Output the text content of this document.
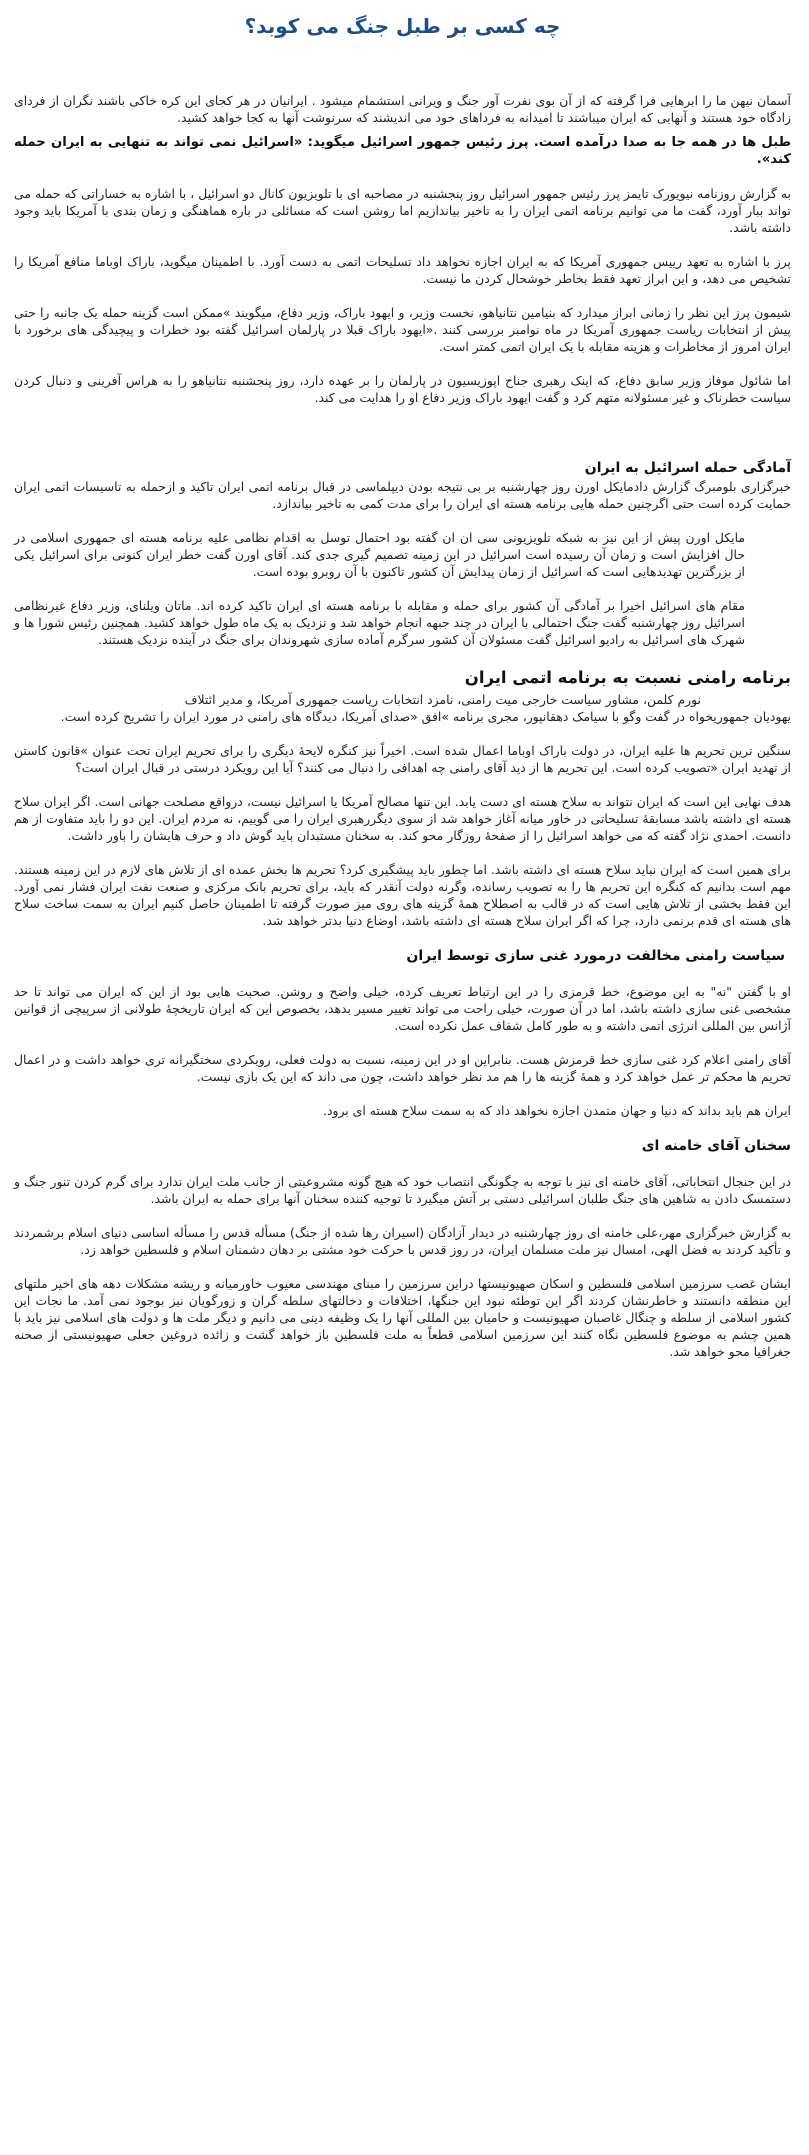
چه کسی بر طبل جنگ می کوبد؟

آسمان نیهن ما را ابرهایی فرا گرفته که از آن بوی نفرت آور جنگ و ویرانی استشمام میشود . ایرانیان در هر کجای این کره خاکی باشند نگران از فردای زادگاه خود هستند و آنهایی که ایران میباشند تا امیدانه به فرداهای خود می اندیشند که سرنوشت آنها به کجا خواهد کشید.

طبل ها در همه جا به صدا درآمده است. پرز رئیس جمهور اسرائیل میگوید: «اسرائیل نمی تواند به تنهایی به ایران حمله کند».

به گزارش روزنامه نیویورک تایمز پرز رئیس جمهور اسرائیل روز پنجشنبه در مصاحبه ای با تلویزیون کانال دو اسرائیل ، با اشاره به خساراتی که حمله می تواند ببار آورد، گفت ما می توانیم برنامه اتمی ایران را به تاخیر بیاندازیم اما روشن است که مسائلی در باره هماهنگی و زمان بندی با آمریکا باید وجود داشته باشد.

پرز با اشاره به تعهد رییس جمهوری آمریکا که به ایران اجازه نخواهد داد تسلیحات اتمی به دست آورد. با اطمینان میگوید، باراک اوباما منافع آمریکا را تشخیص می دهد، و این ابراز تعهد فقط بخاطر خوشحال کردن ما نیست.

شیمون پرز این نظر را زمانی ابراز میدارد که بنیامین نتانیاهو، نخست وزیر، و ایهود باراک، وزیر دفاع، میگویند »ممکن است گزینه حمله یک جانبه را حتی پیش از انتخابات ریاست جمهوری آمریکا در ماه نوامبر بررسی کنند .«ایهود باراک قبلا در پارلمان اسرائیل گفته بود خطرات و پیچیدگی های برخورد با ایران امروز از مخاطرات و هزینه مقابله با یک ایران اتمی کمتر است.

اما شائول موفاز وزیر سابق دفاع، که اینک رهبری جناح اپوزیسیون در پارلمان را بر عهده دارد، روز پنجشنبه نتانیاهو را به هراس آفرینی و دنبال کردن سیاست خطرناک و غیر مسئولانه متهم کرد و گفت ایهود باراک وزیر دفاع او را هدایت می کند.

آمادگی حمله اسرائیل به ایران

خبرگزاری بلومبرگ گزارش دادمایکل اورن روز چهارشنبه بر بی نتیجه بودن دیپلماسی در قبال برنامه اتمی ایران تاکید و ازحمله به تاسیسات اتمی ایران حمایت کرده است حتی اگرچنین حمله هایی برنامه هسته ای ایران را برای مدت کمی به تاخیر بیاندازد.

مایکل اورن پیش از این نیز به شبکه تلویزیونی سی ان ان گفته بود احتمال توسل به اقدام نظامی علیه برنامه هسته ای جمهوری اسلامی در حال افزایش است و زمان آن رسیده است اسرائیل در این زمینه تصمیم گیری جدی کند. آقای اورن گفت خطر ایران کنونی برای اسرائیل یکی از بزرگترین تهدیدهایی است که اسرائیل از زمان پیدایش آن کشور تاکنون با آن روبرو بوده است.

مقام های اسرائیل اخیرا بر آمادگی آن کشور برای حمله و مقابله با برنامه هسته ای ایران تاکید کرده اند. ماتان ویلنای، وزیر دفاع غیرنظامی اسرائیل روز چهارشنبه گفت جنگ احتمالی با ایران در چند جبهه انجام خواهد شد و نزدیک به یک ماه طول خواهد کشید. همچنین رئیس شورا ها و شهرک های اسرائیل به رادیو اسرائیل گفت مسئولان آن کشور سرگرم آماده سازی شهروندان برای جنگ در آینده نزدیک هستند.

برنامه رامنی نسبت به برنامه اتمی ایران

نورم کلمن، مشاور سیاست خارجی میت رامنی، نامزد انتخابات ریاست جمهوری آمریکا، و مدیر ائتلاف

یهودیان جمهوریخواه در گفت وگو با سیامک دهقانپور، مجری برنامه »افق «صدای آمریکا، دیدگاه های رامنی در مورد ایران را تشریح کرده است.

سنگین ترین تحریم ها علیه ایران، در دولت باراک اوباما اعمال شده است. اخیراً نیز کنگره لایحۀ دیگری را برای تحریم ایران تحت عنوان »قانون کاستن از تهدید ایران «تصویب کرده است. این تحریم ها از دید آقای رامنی چه اهدافی را دنبال می کنند؟ آیا این رویکرد درستی در قبال ایران است؟

هدف نهایی این است که ایران نتواند به سلاح هسته ای دست یابد. این تنها مصالح آمریکا یا اسرائیل نیست، درواقع مصلحت جهانی است. اگر ایران سلاح هسته ای داشته باشد مسابقۀ تسلیحاتی در خاور میانه آغاز خواهد شد از سوی دیگررهبری ایران را می گوییم، نه مردم ایران. این دو را باید متفاوت از هم دانست. احمدی نژاد گفته که می خواهد اسرائیل را از صفحۀ روزگار محو کند. به سخنان مستبدان باید گوش داد و حرف هایشان را باور داشت.

برای همین است که ایران نباید سلاح هسته ای داشته باشد. اما چطور باید پیشگیری کرد؟ تحریم ها بخش عمده ای از تلاش های لازم در این زمینه هستند. مهم است بدانیم که کنگره این تحریم ها را به تصویب رسانده، وگرنه دولت آنقدر که باید، برای تحریم بانک مرکزی و صنعت نفت ایران فشار نمی آورد. این فقط بخشی از تلاش هایی است که در قالب به اصطلاح همۀ گزینه های روی میز صورت گرفته تا اطمینان حاصل کنیم ایران به سمت ساخت سلاح های هسته ای قدم برنمی دارد، چرا که اگر ایران سلاح هسته ای داشته باشد، اوضاع دنیا بدتر خواهد شد.

سیاست رامنی مخالفت درمورد غنی سازی توسط ایران

او با گفتن "نه" به این موضوع، خط قرمزی را در این ارتباط تعریف کرده، خیلی واضح و روشن. صحبت هایی بود از این که ایران می تواند تا حد مشخصی غنی سازی داشته باشد، اما در آن صورت، خیلی راحت می تواند تغییر مسیر بدهد، بخصوص این که ایران تاریخچۀ طولانی از سرپیچی از قوانین آژانس بین المللی انرژی اتمی داشته و به طور کامل شفاف عمل نکرده است.

آقای رامنی اعلام کرد غنی سازی خط قرمزش هست. بنابراین او در این زمینه، نسبت به دولت فعلی، رویکردی سختگیرانه تری خواهد داشت و در اعمال تحریم ها محکم تر عمل خواهد کرد و همۀ گزینه ها را هم مد نظر خواهد داشت، چون می داند که این یک بازی نیست.

ایران هم باید بداند که دنیا و جهان متمدن اجازه نخواهد داد که به سمت سلاح هسته ای برود.

سخنان آقای خامنه ای

در این جنجال انتخاباتی، آقای خامنه ای نیز با توجه به چگونگی انتصاب خود که هیچ گونه مشروعیتی از جانب ملت ایران ندارد برای گرم کردن تنور جنگ و دستمسک دادن به شاهین های جنگ طلبان اسرائیلی دستی بر آتش میگیرد تا توجیه کننده سخنان آنها برای حمله به ایران باشد.

به گزارش خبرگزاری مهر،علی خامنه ای روز چهارشنبه در دیدار آزادگان (اسیران رها شده از جنگ) مسأله قدس را مسأله اساسی دنیای اسلام برشمردند و تأکید کردند به فضل الهی، امسال نیز ملت مسلمان ایران، در روز قدس با حرکت خود مشتی بر دهان دشمنان اسلام و فلسطین خواهد زد.

ایشان غصب سرزمین اسلامی فلسطین و اسکان صهیونیستها دراین سرزمین را مبنای مهندسی معیوب خاورمیانه و ریشه مشکلات دهه های اخیر ملتهای این منطقه دانستند و خاطرنشان کردند اگر این توطئه نبود این جنگها، اختلافات و دخالتهای سلطه گران و زورگویان نیز بوجود نمی آمد. ما نجات این کشور اسلامی از سلطه و چنگال غاصبان صهیونیست و حامیان بین المللی آنها را یک وظیفه دینی می دانیم و دیگر ملت ها و دولت های اسلامی نیز باید با همین چشم به موضوع فلسطین نگاه کنند این سرزمین اسلامی قطعاً به ملت فلسطین باز خواهد گشت و زائده دروغین جعلی صهیونیستی از صحنه جغرافیا محو خواهد شد.
